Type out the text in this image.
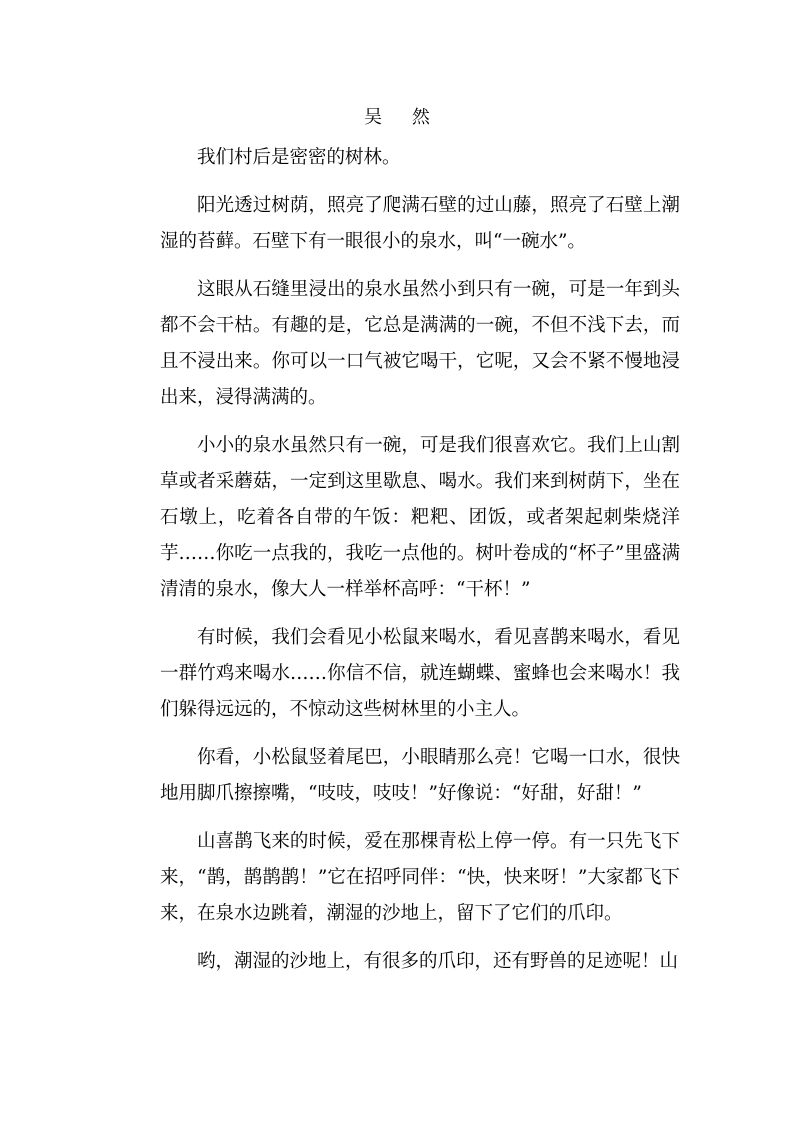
吴 然

我们村后是密密的树林。

阳光透过树荫，照亮了爬满石壁的过山藤，照亮了石壁上潮湿的苔藓。石壁下有一眼很小的泉水，叫“一碗水”。

这眼从石缝里浸出的泉水虽然小到只有一碗，可是一年到头都不会干枯。有趣的是，它总是满满的一碗，不但不浅下去，而且不浸出来。你可以一口气被它喝干，它呢，又会不紧不慢地浸出来，浸得满满的。

小小的泉水虽然只有一碗，可是我们很喜欢它。我们上山割草或者采蘑菇，一定到这里歇息、喝水。我们来到树荫下，坐在石墩上，吃着各自带的午饭：粑粑、团饭，或者架起刺柴烧洋芋……你吃一点我的，我吃一点他的。树叶卷成的“杯子”里盛满清清的泉水，像大人一样举杯高呼：“干杯！”

有时候，我们会看见小松鼠来喝水，看见喜鹊来喝水，看见一群竹鸡来喝水……你信不信，就连蝴蝶、蜜蜂也会来喝水！我们躲得远远的，不惊动这些树林里的小主人。

你看，小松鼠竖着尾巴，小眼睛那么亮！它喝一口水，很快地用脚爪擦擦嘴，“吱吱，吱吱！”好像说：“好甜，好甜！”

山喜鹊飞来的时候，爱在那棵青松上停一停。有一只先飞下来，“鹊，鹊鹊鹊！”它在招呼同伴：“快，快来呀！”大家都飞下来，在泉水边跳着，潮湿的沙地上，留下了它们的爪印。

哟，潮湿的沙地上，有很多的爪印，还有野兽的足迹呢！山
